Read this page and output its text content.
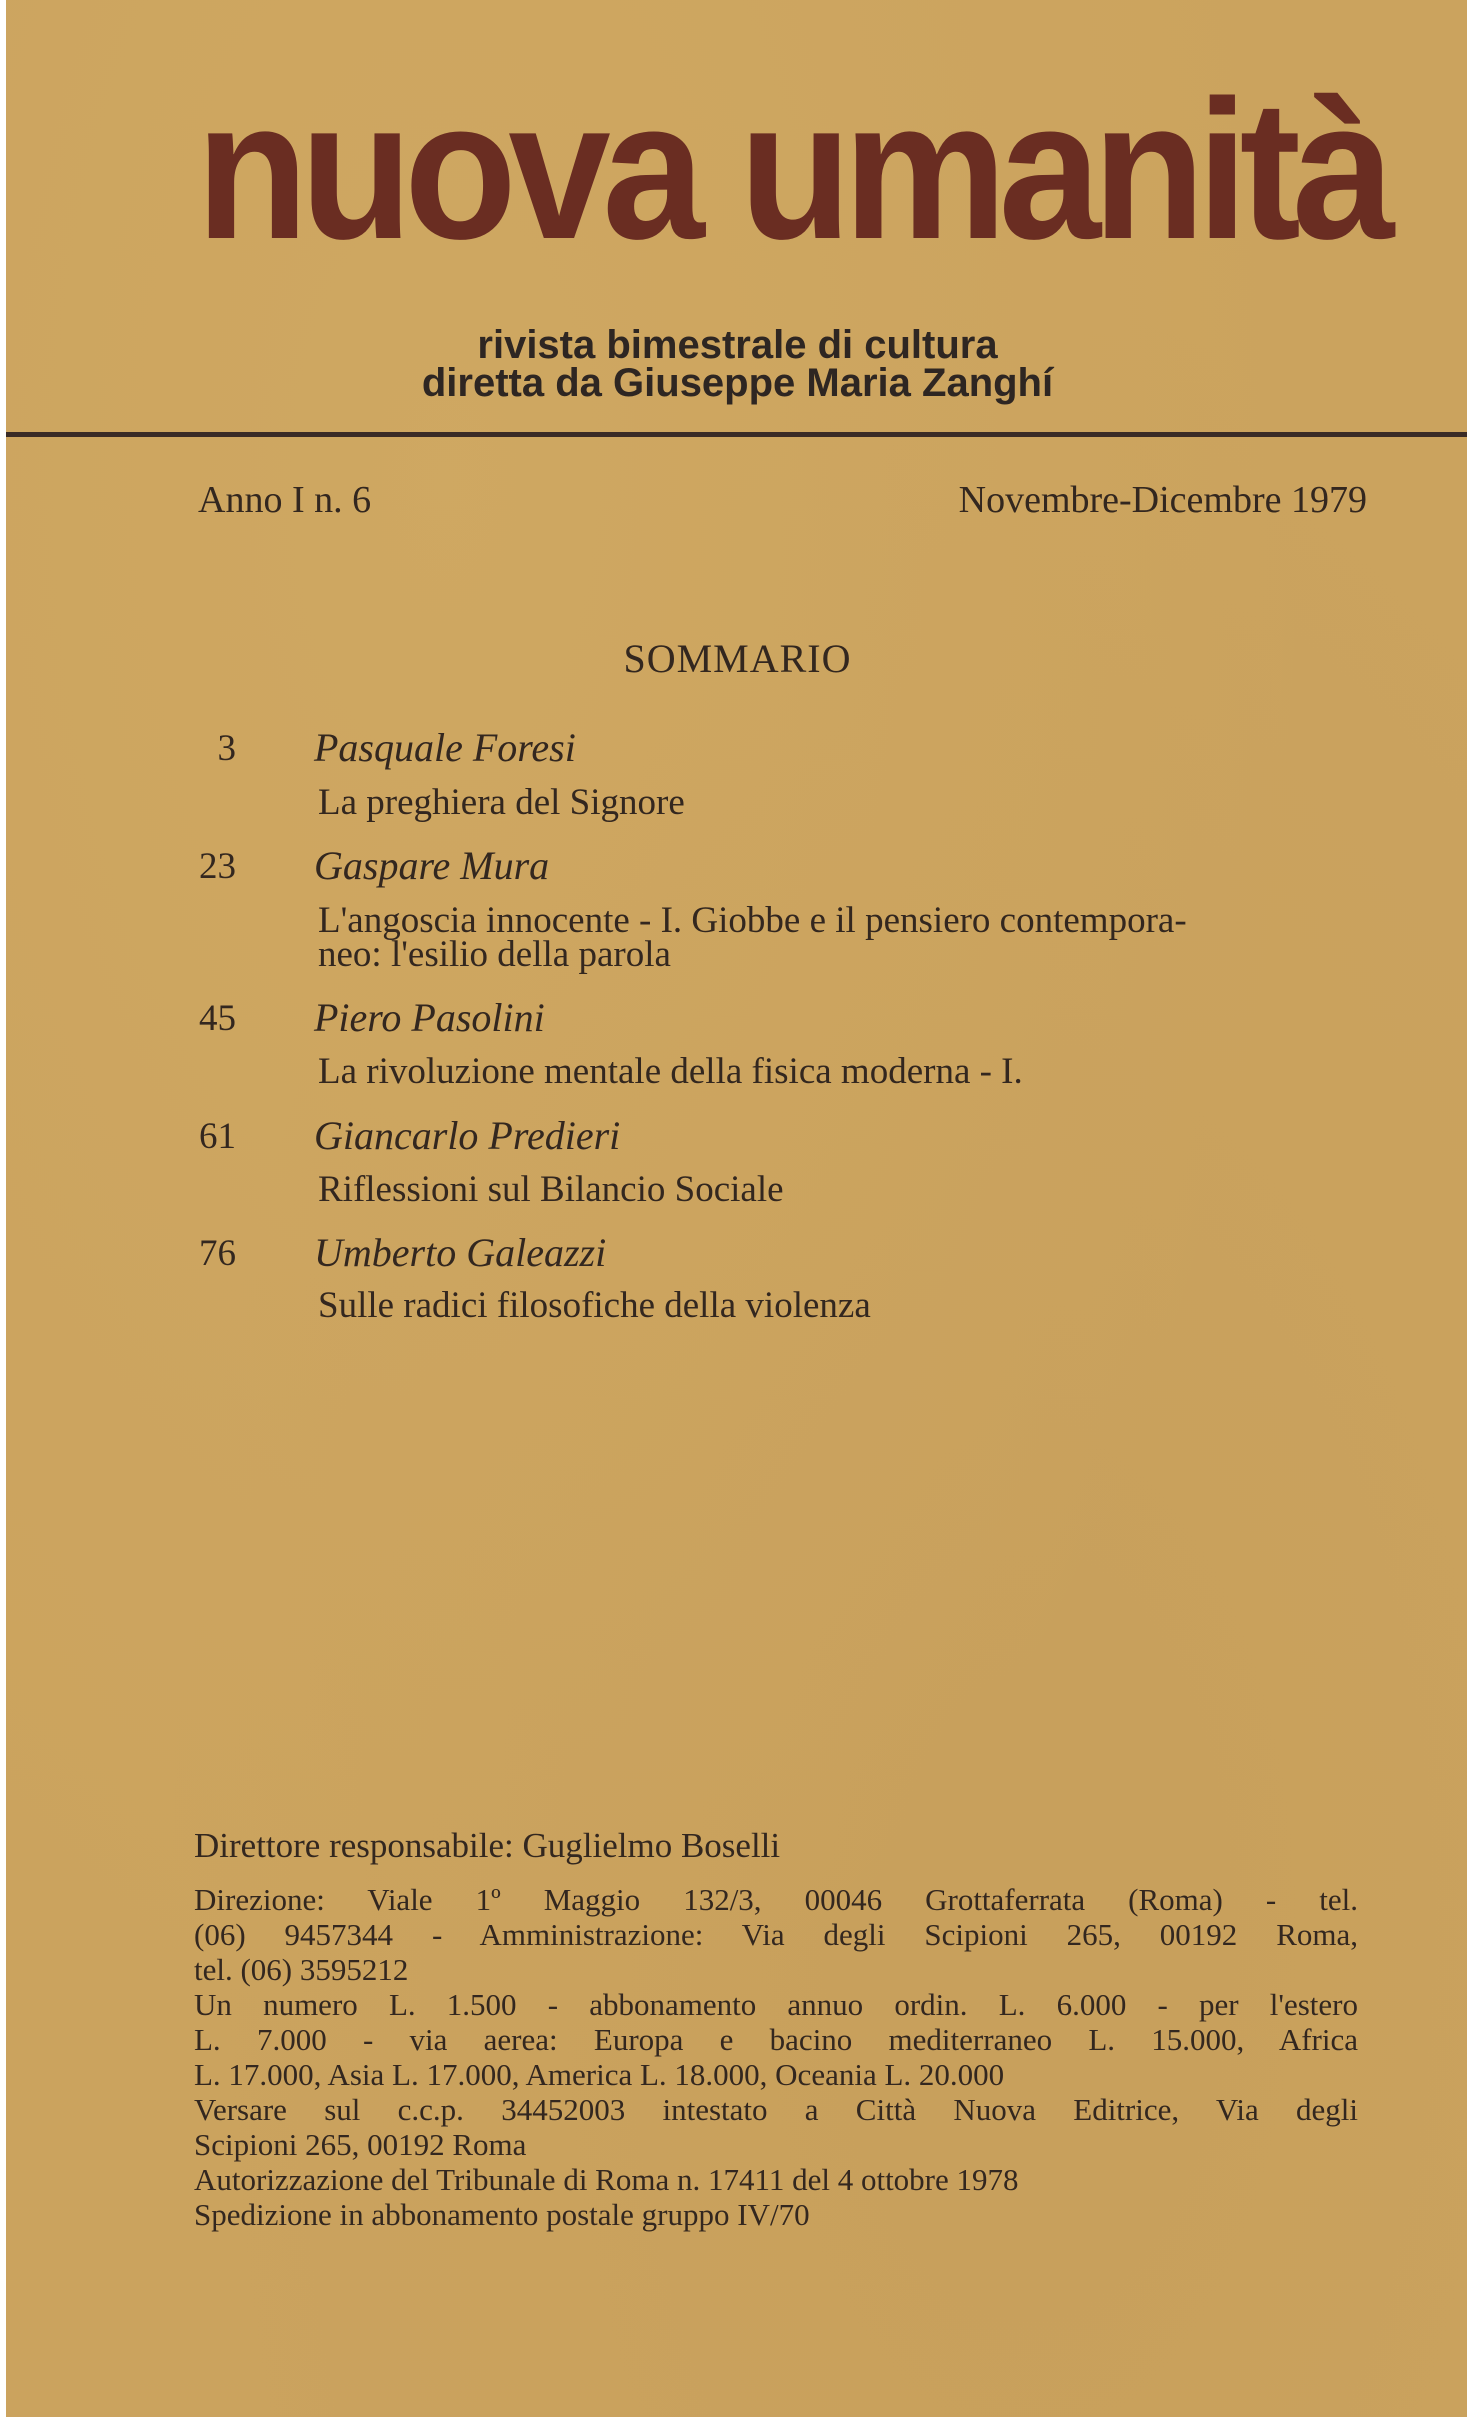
nuova umanità
rivista bimestrale di cultura
diretta da Giuseppe Maria Zanghí
Anno I n. 6	Novembre-Dicembre 1979
SOMMARIO
3 Pasquale Foresi
La preghiera del Signore
23 Gaspare Mura
L'angoscia innocente - I. Giobbe e il pensiero contempora-
neo: l'esilio della parola
45 Piero Pasolini
La rivoluzione mentale della fisica moderna - I.
61 Giancarlo Predieri
Riflessioni sul Bilancio Sociale
76 Umberto Galeazzi
Sulle radici filosofiche della violenza
Direttore responsabile: Guglielmo Boselli
Direzione: Viale 1º Maggio 132/3, 00046 Grottaferrata (Roma) - tel.
(06) 9457344 - Amministrazione: Via degli Scipioni 265, 00192 Roma,
tel. (06) 3595212
Un numero L. 1.500 - abbonamento annuo ordin. L. 6.000 - per l'estero
L. 7.000 - via aerea: Europa e bacino mediterraneo L. 15.000, Africa
L. 17.000, Asia L. 17.000, America L. 18.000, Oceania L. 20.000
Versare sul c.c.p. 34452003 intestato a Città Nuova Editrice, Via degli
Scipioni 265, 00192 Roma
Autorizzazione del Tribunale di Roma n. 17411 del 4 ottobre 1978
Spedizione in abbonamento postale gruppo IV/70
